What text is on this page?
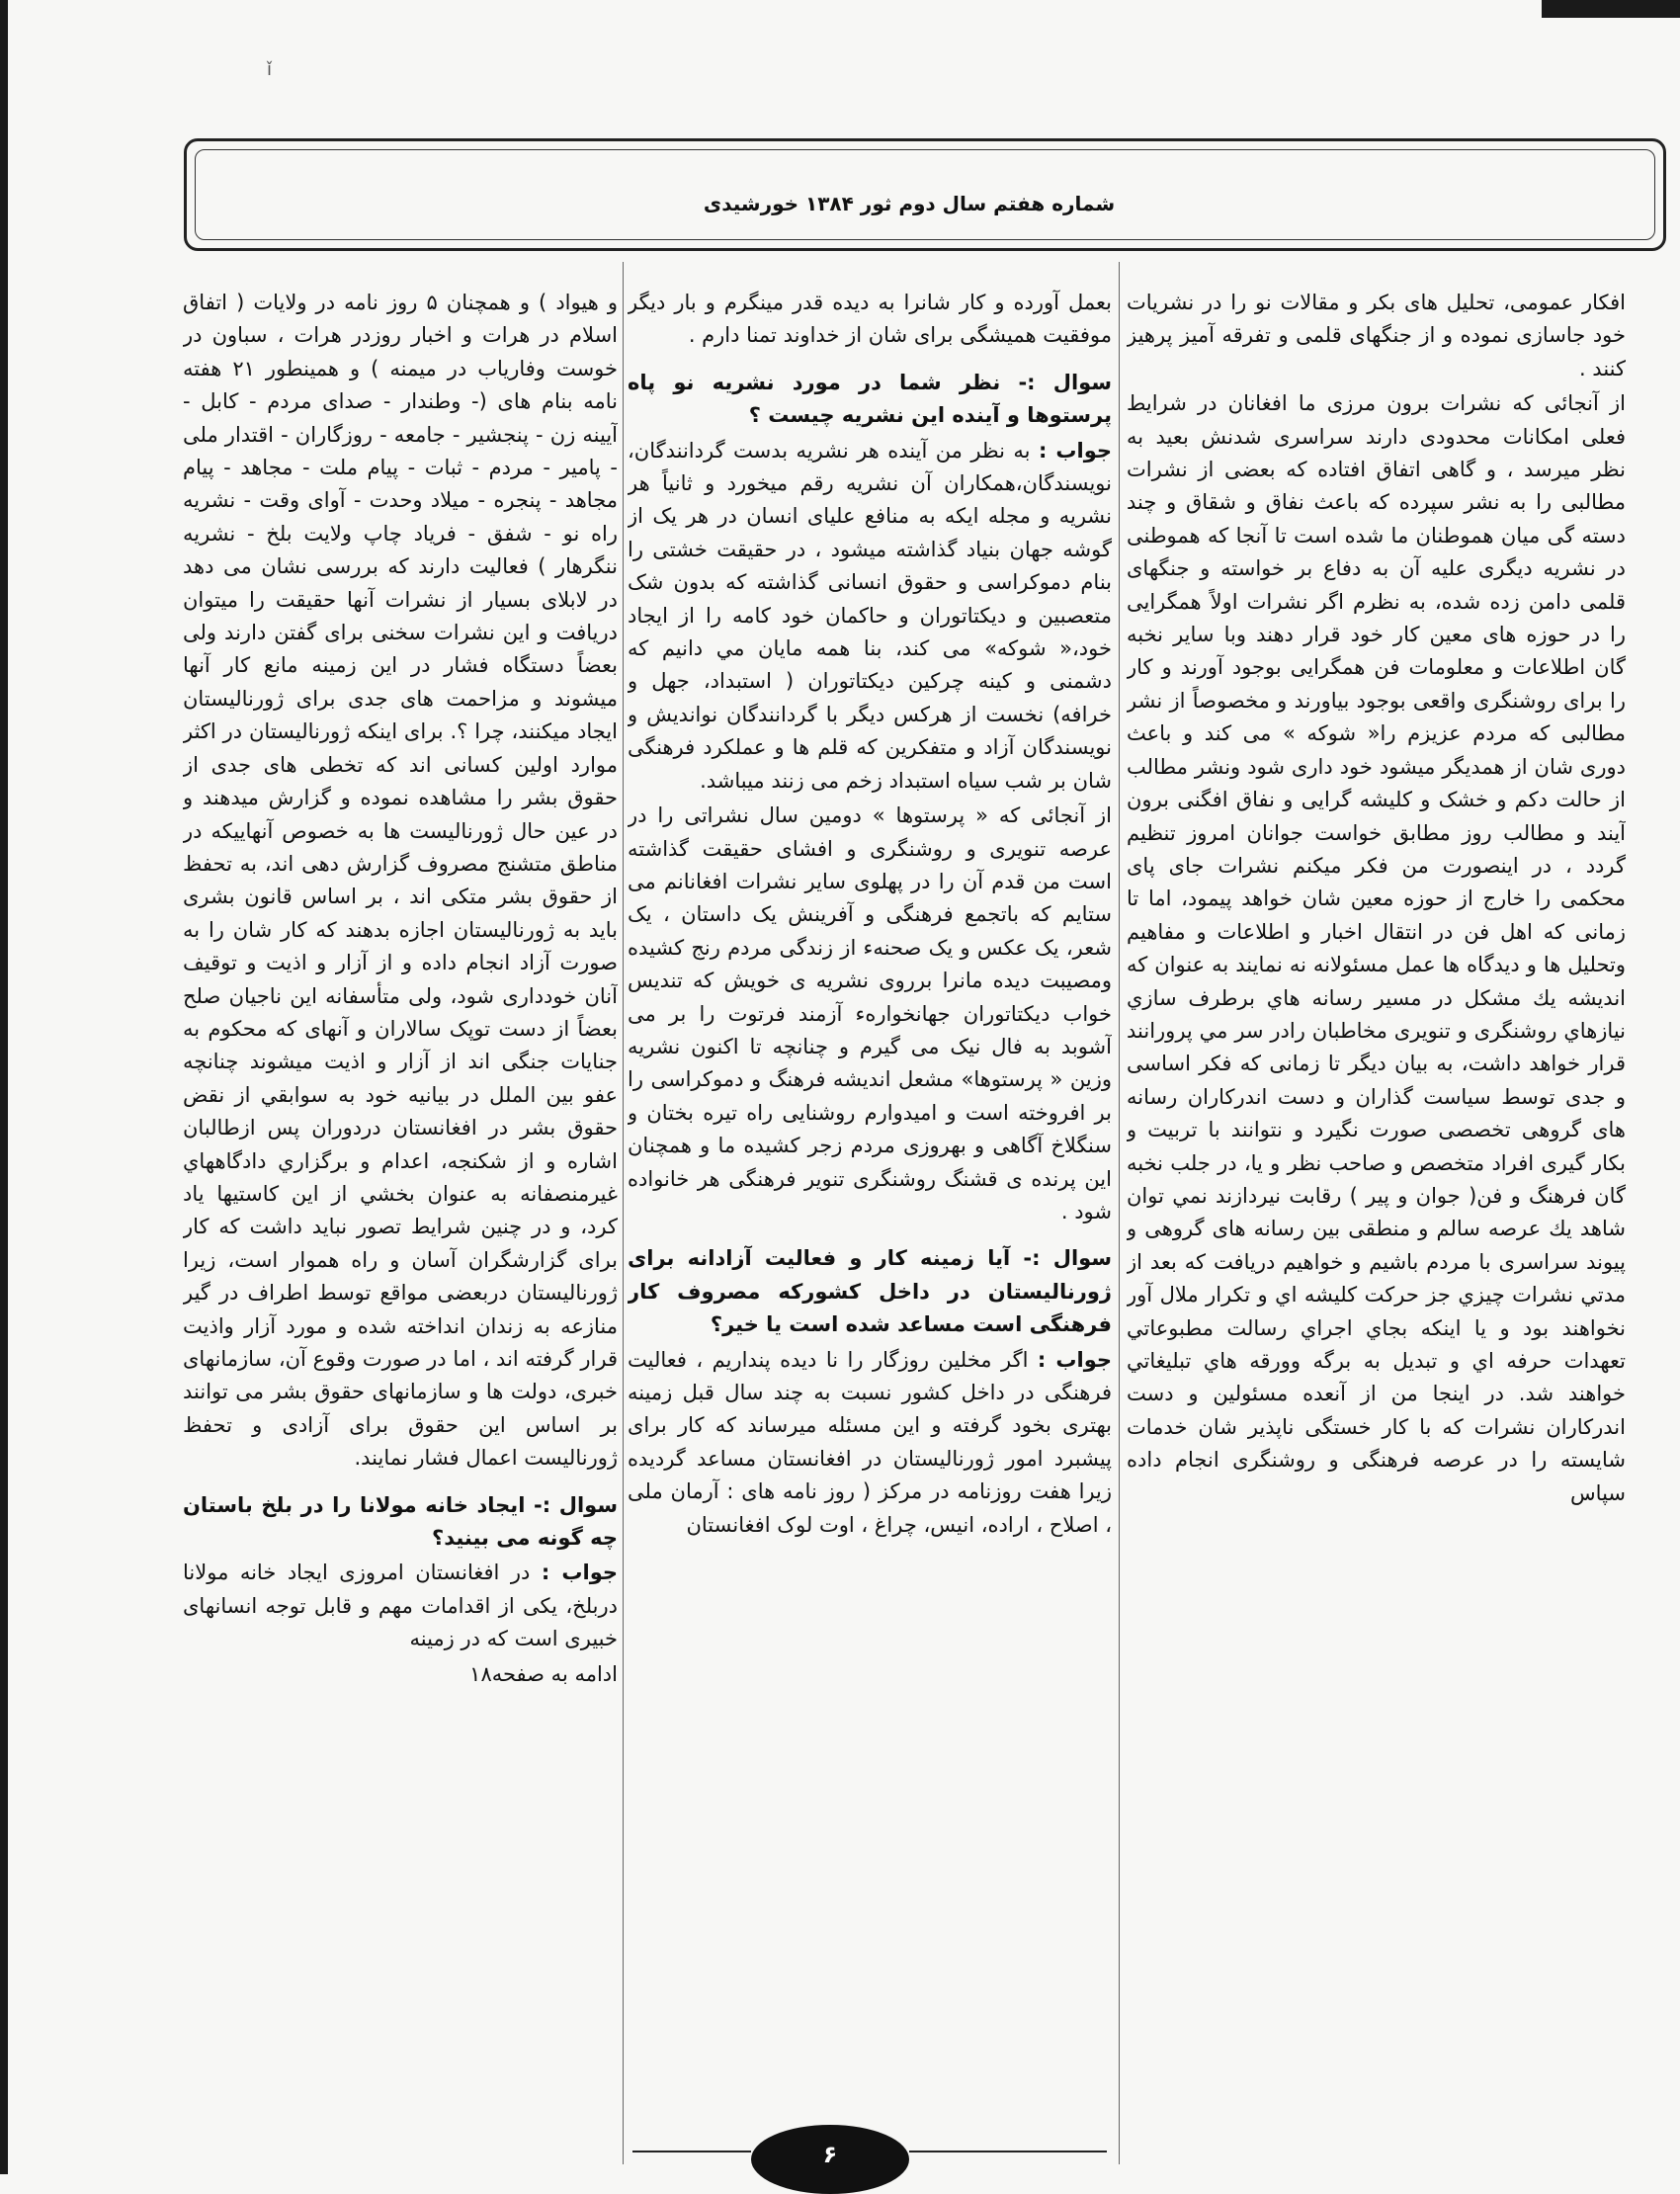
ǐ
شماره هفتم سال دوم ثور ۱۳۸۴ خورشیدی

افکار عمومی، تحلیل های بکر و مقالات نو را در نشریات خود جاسازی نموده و از جنگهای قلمی و تفرقه آمیز پرهیز کنند .

از آنجائی که نشرات برون مرزی ما افغانان در شرایط فعلی امکانات محدودی دارند سراسری شدنش بعید به نظر میرسد ، و گاهی اتفاق افتاده که بعضی از نشرات مطالبی را به نشر سپرده که باعث نفاق و شقاق و چند دسته گی میان هموطنان ما شده است تا آنجا که هموطنی در نشریه دیگری علیه آن به دفاع بر خواسته و جنگهای قلمی دامن زده شده، به نظرم اگر نشرات اولاً همگرایی را در حوزه های معین کار خود قرار دهند وبا سایر نخبه گان اطلاعات و معلومات فن همگرایی بوجود آورند و کار را برای روشنگری واقعی بوجود بیاورند و مخصوصاً از نشر مطالبی که مردم عزیزم را« شوکه » می کند و باعث دوری شان از همدیگر میشود خود داری شود ونشر مطالب از حالت دکم و خشک و کلیشه گرایی و نفاق افگنی برون آیند و مطالب روز مطابق خواست جوانان امروز تنظیم گردد ، در اینصورت من فکر میکنم نشرات جای پای محکمی را خارج از حوزه معین شان خواهد پیمود، اما تا زمانی که اهل فن در انتقال اخبار و اطلاعات و مفاهیم وتحلیل ها و دیدگاه ها عمل مسئولانه نه نمایند به عنوان که اندیشه يك مشكل در مسير رسانه هاي برطرف سازي نيازهاي روشنگری و تنویری مخاطبان رادر سر مي پرورانند قرار خواهد داشت، به بیان دیگر تا زمانی که فکر اساسی و جدی توسط سیاست گذاران و دست اندرکاران رسانه های گروهی تخصصی صورت نگیرد و نتوانند با تربیت و بکار گیری افراد متخصص و صاحب نظر و یا، در جلب نخبه گان فرهنگ و فن( جوان و پیر ) رقابت نيردازند نمي توان شاهد يك عرصه سالم و منطقی بین رسانه های گروهی و پیوند سراسری با مردم باشیم و خواهیم دریافت که بعد از مدتي نشرات چیزي جز حرکت کلیشه اي و تکرار ملال آور نخواهند بود و یا اینکه بجاي اجراي رسالت مطبوعاتي تعهدات حرفه اي و تبدیل به برگه وورقه هاي تبليغاتي خواهند شد. در اينجا من از آنعده مسئولين و دست اندرکاران نشرات که با کار خستگی ناپذیر شان خدمات شایسته را در عرصه فرهنگی و روشنگری انجام داده سپاس

بعمل آورده و کار شانرا به دیده قدر مینگرم و بار دیگر موفقیت همیشگی برای شان از خداوند تمنا دارم .

سوال :- نظر شما در مورد نشریه نو پاه پرستوها و آینده این نشریه چیست ؟

جواب : به نظر من آینده هر نشریه بدست گردانندگان، نویسندگان،همکاران آن نشریه رقم میخورد و ثانیاً هر نشریه و مجله ایکه به منافع علیای انسان در هر یک از گوشه جهان بنیاد گذاشته میشود ، در حقیقت خشتی را بنام دموکراسی و حقوق انسانی گذاشته که بدون شک متعصبین و دیکتاتوران و حاکمان خود کامه را از ایجاد خود،« شوکه» می کند، بنا همه مایان مي دانيم که دشمنی و کینه چرکین دیکتاتوران ( استبداد، جهل و خرافه) نخست از هرکس دیگر با گردانندگان نواندیش و نویسندگان آزاد و متفکرین که قلم ها و عملکرد فرهنگی شان بر شب سیاه استبداد زخم می زنند میباشد.

از آنجائی که « پرستوها » دومین سال نشراتی را در عرصه تنویری و روشنگری و افشای حقیقت گذاشته است من قدم آن را در پهلوی سایر نشرات افغانانم می ستایم که باتجمع فرهنگی و آفرینش یک داستان ، یک شعر، یک عکس و یک صحنهء از زندگی مردم رنج کشیده ومصیبت دیده مانرا برروی نشریه ی خویش که تندیس خواب دیکتاتوران جهانخوارهء آزمند فرتوت را بر می آشوبد به فال نیک می گیرم و چنانچه تا اکنون نشریه وزین « پرستوها» مشعل اندیشه فرهنگ و دموکراسی را بر افروخته است و امیدوارم روشنایی راه تیره بختان و سنگلاخ آگاهی و بهروزی مردم زجر کشیده ما و همچنان این پرنده ی قشنگ روشنگری تنویر فرهنگی هر خانواده شود .

سوال :- آیا زمینه کار و فعالیت آزادانه برای ژورنالیستان در داخل کشورکه مصروف کار فرهنگی است مساعد شده است یا خیر؟

جواب : اگر مخلین روزگار را نا دیده پنداریم ، فعالیت فرهنگی در داخل کشور نسبت به چند سال قبل زمینه بهتری بخود گرفته و این مسئله میرساند که کار برای پیشبرد امور ژورنالیستان در افغانستان مساعد گردیده زیرا هفت روزنامه در مرکز ( روز نامه های : آرمان ملی ، اصلاح ، اراده، انیس، چراغ ، اوت لوک افغانستان

و هیواد ) و همچنان ۵ روز نامه در ولایات ( اتفاق اسلام در هرات و اخبار روزدر هرات ، سباون در خوست وفاریاب در میمنه ) و همینطور ۲۱ هفته نامه بنام های (- وطندار - صدای مردم - کابل - آیینه زن - پنجشیر - جامعه - روزگاران - اقتدار ملی - پامیر - مردم - ثبات - پیام ملت - مجاهد - پیام مجاهد - پنجره - میلاد وحدت - آوای وقت - نشریه راه نو - شفق - فریاد چاپ ولایت بلخ - نشریه ننگرهار ) فعالیت دارند که بررسی نشان می دهد در لابلای بسیار از نشرات آنها حقیقت را میتوان دریافت و این نشرات سخنی برای گفتن دارند ولی بعضاً دستگاه فشار در این زمینه مانع کار آنها میشوند و مزاحمت های جدی برای ژورنالیستان ایجاد میکنند، چرا ؟. برای اینکه ژورنالیستان در اکثر موارد اولین کسانی اند که تخطی های جدی از حقوق بشر را مشاهده نموده و گزارش میدهند و در عین حال ژورنالیست ها به خصوص آنهاییکه در مناطق متشنج مصروف گزارش دهی اند، به تحفظ از حقوق بشر متکی اند ، بر اساس قانون بشری باید به ژورنالیستان اجازه بدهند که کار شان را به صورت آزاد انجام داده و از آزار و اذیت و توقیف آنان خودداری شود، ولی متأسفانه این ناجیان صلح بعضاً از دست توپک سالاران و آنهای که محکوم به جنایات جنگی اند از آزار و اذیت میشوند چنانچه عفو بین الملل در بیانیه خود به سوابقي از نقض حقوق بشر در افغانستان دردوران پس ازطالبان اشاره و از شکنجه، اعدام و برگزاري دادگاههاي غيرمنصفانه به عنوان بخشي از این کاستيها ياد کرد، و در چنین شرایط تصور نباید داشت که کار برای گزارشگران آسان و راه هموار است، زيرا ژورنالیستان دربعضی مواقع توسط اطراف در گیر منازعه به زندان انداخته شده و مورد آزار واذیت قرار گرفته اند ، اما در صورت وقوع آن، سازمانهای خبری، دولت ها و سازمانهای حقوق بشر می توانند بر اساس این حقوق برای آزادی و تحفظ ژورنالیست اعمال فشار نمایند.

سوال :- ایجاد خانه مولانا را در بلخ باستان چه گونه می بینید؟

جواب : در افغانستان امروزی ایجاد خانه مولانا دربلخ، یکی از اقدامات مهم و قابل توجه انسانهای خبیری است که در زمینه

ادامه به صفحه۱۸

۶
